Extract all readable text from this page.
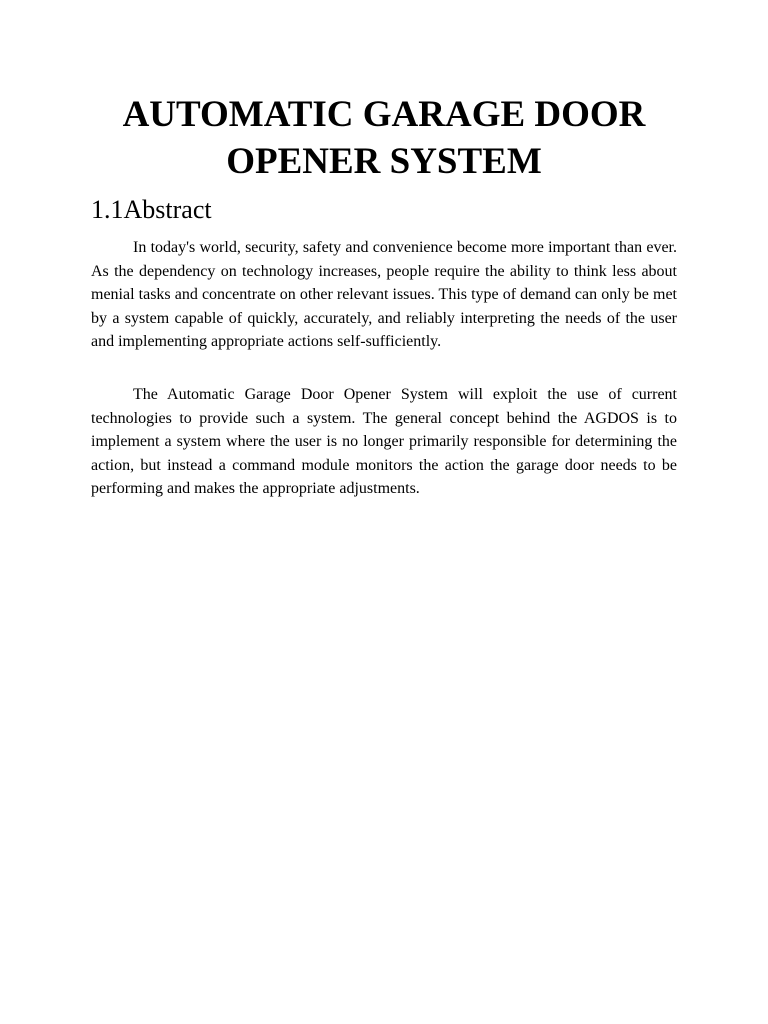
AUTOMATIC GARAGE DOOR
OPENER SYSTEM
1.1Abstract

In today's world, security, safety and convenience become more important than ever. As the dependency on technology increases, people require the ability to think less about menial tasks and concentrate on other relevant issues. This type of demand can only be met by a system capable of quickly, accurately, and reliably interpreting the needs of the user and implementing appropriate actions self-sufficiently.

The Automatic Garage Door Opener System will exploit the use of current technologies to provide such a system. The general concept behind the AGDOS is to implement a system where the user is no longer primarily responsible for determining the action, but instead a command module monitors the action the garage door needs to be performing and makes the appropriate adjustments.
